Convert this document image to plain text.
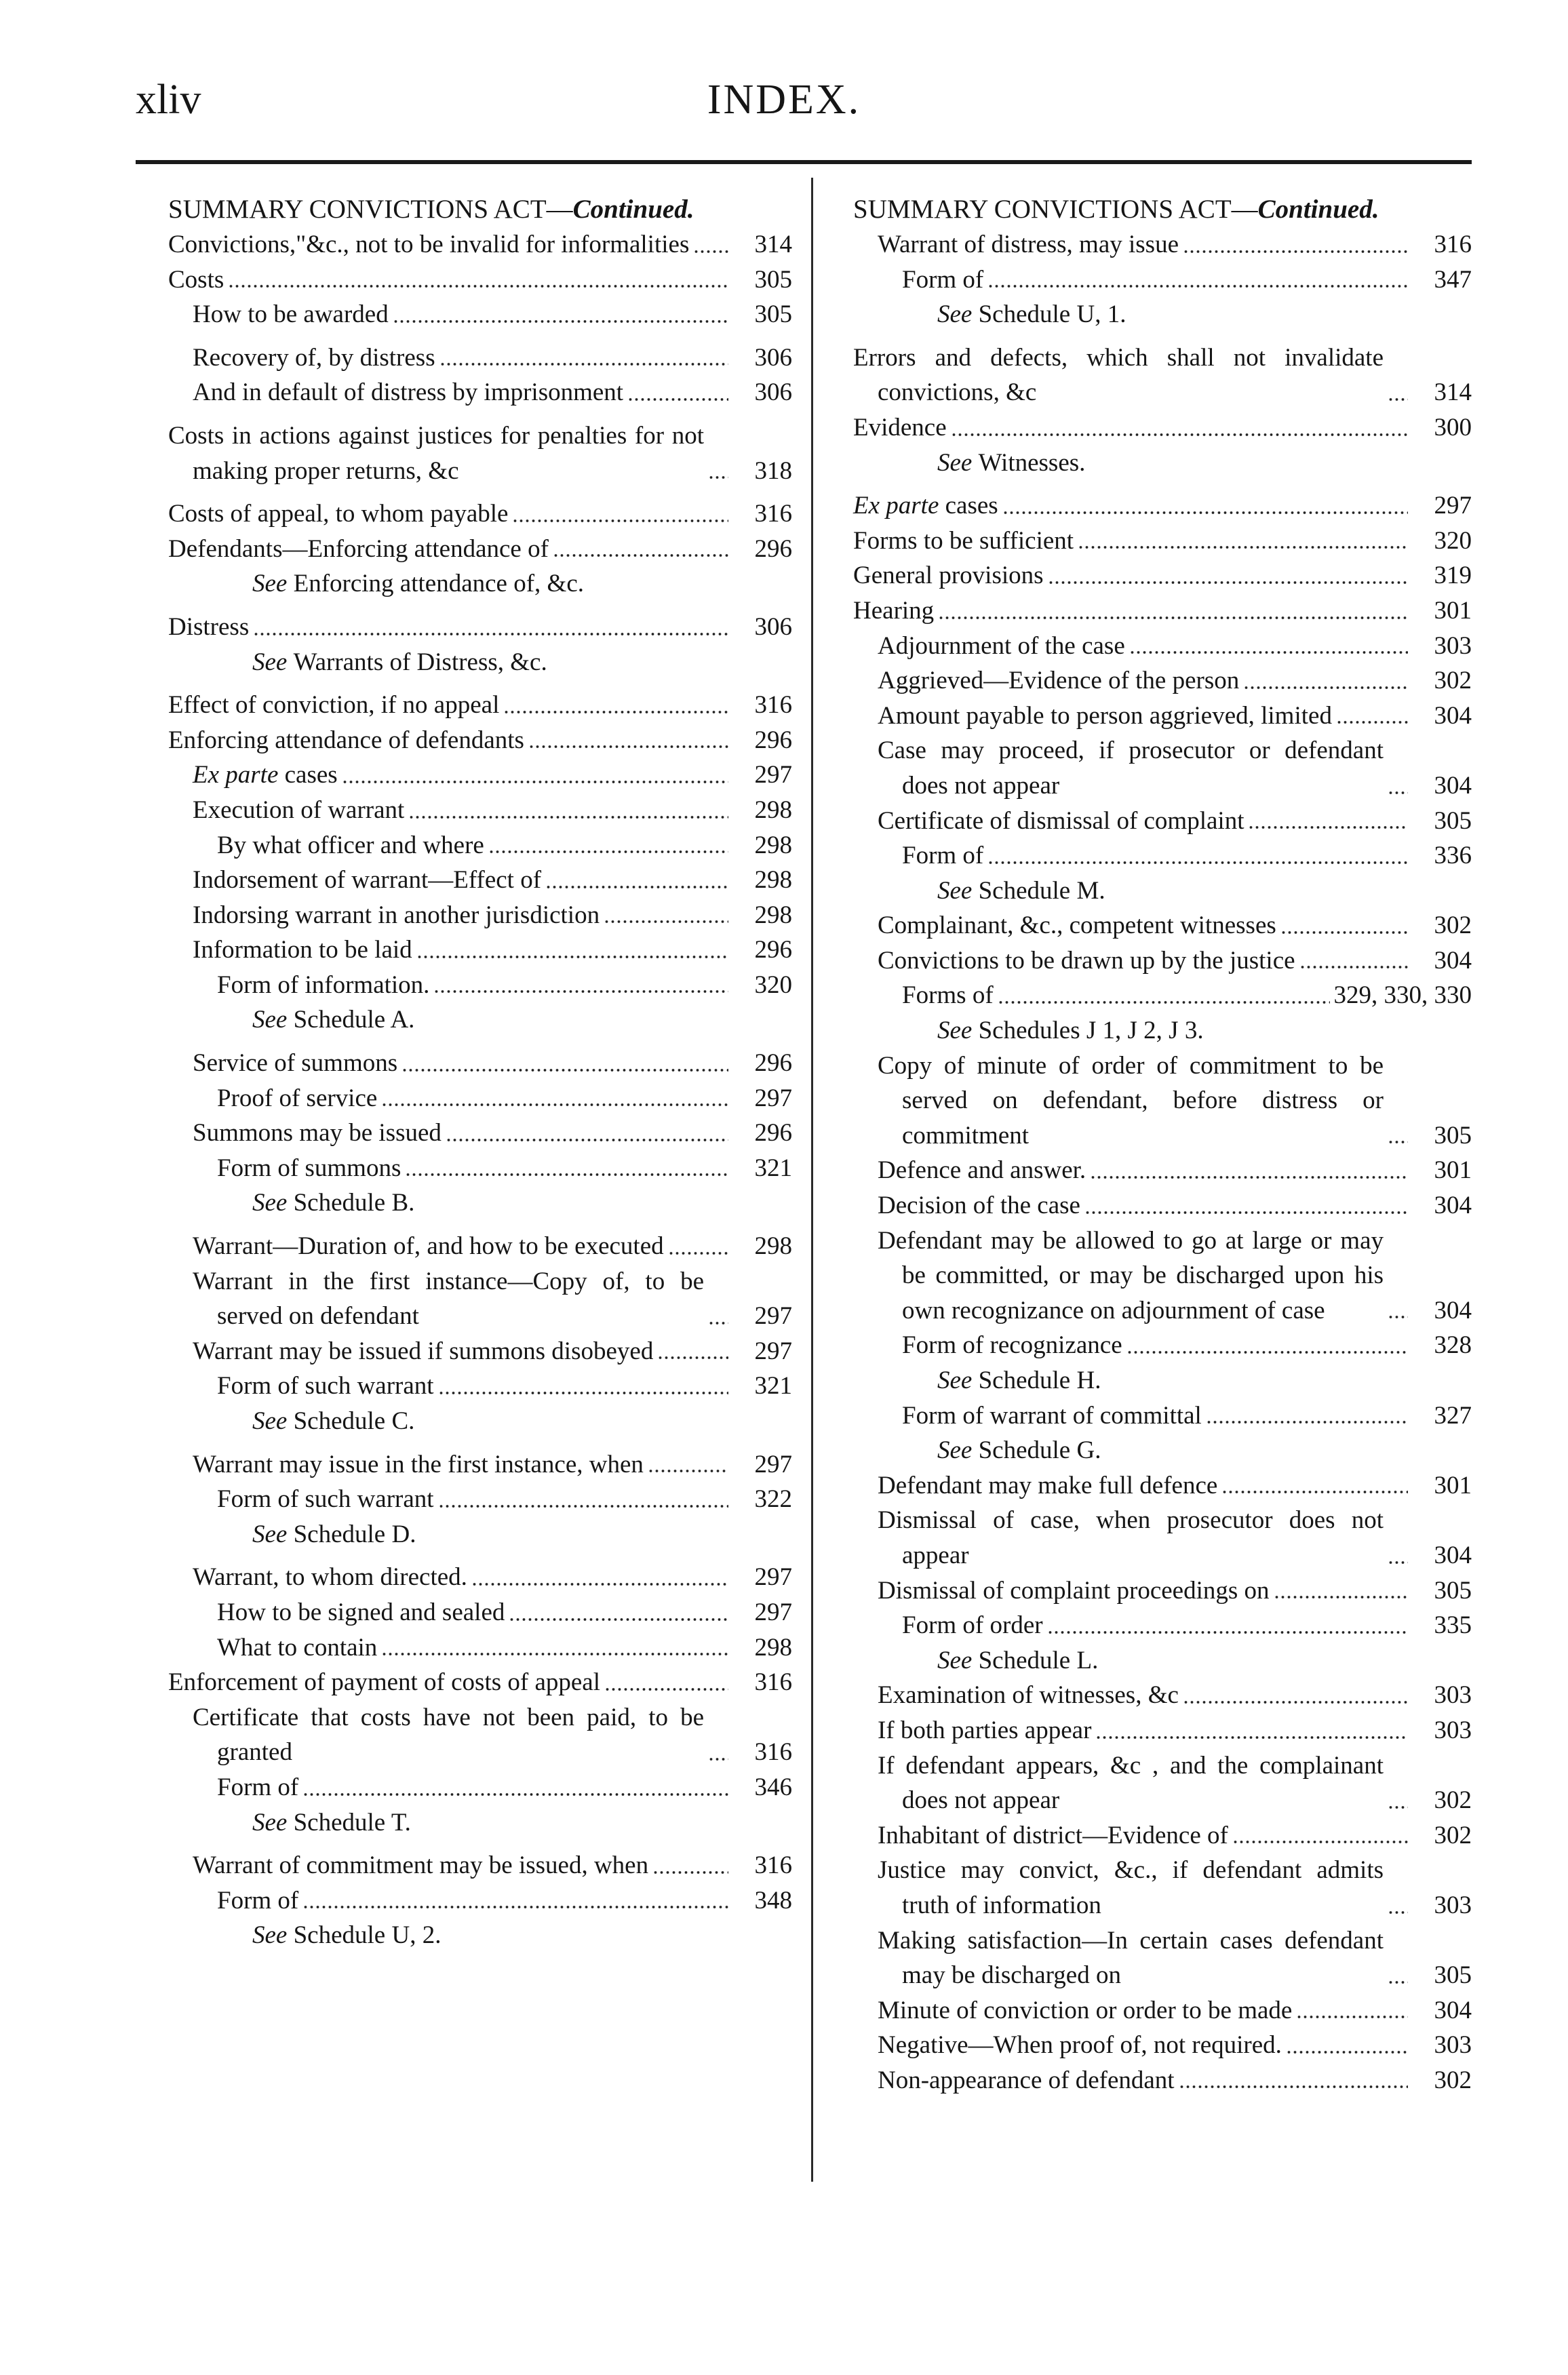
xliv	INDEX.
SUMMARY CONVICTIONS ACT—Continued.
Convictions,"&c., not to be invalid for informalities	314
Costs	305
How to be awarded	305
Recovery of, by distress	306
And in default of distress by imprisonment	306
Costs in actions against justices for penalties for not making proper returns, &c	318
Costs of appeal, to whom payable	316
Defendants—Enforcing attendance of	296
See Enforcing attendance of, &c.
Distress	306
See Warrants of Distress, &c.
Effect of conviction, if no appeal	316
Enforcing attendance of defendants	296
Ex parte cases	297
Execution of warrant	298
By what officer and where	298
Indorsement of warrant—Effect of	298
Indorsing warrant in another jurisdiction	298
Information to be laid	296
Form of information.	320
See Schedule A.
Service of summons	296
Proof of service	297
Summons may be issued	296
Form of summons	321
See Schedule B.
Warrant—Duration of, and how to be executed	298
Warrant in the first instance—Copy of, to be served on defendant	297
Warrant may be issued if summons disobeyed	297
Form of such warrant	321
See Schedule C.
Warrant may issue in the first instance, when	297
Form of such warrant	322
See Schedule D.
Warrant, to whom directed.	297
How to be signed and sealed	297
What to contain	298
Enforcement of payment of costs of appeal	316
Certificate that costs have not been paid, to be granted	316
Form of	346
See Schedule T.
Warrant of commitment may be issued, when	316
Form of	348
See Schedule U, 2.
SUMMARY CONVICTIONS ACT—Continued.
Warrant of distress, may issue	316
Form of	347
See Schedule U, 1.
Errors and defects, which shall not invalidate convictions, &c	314
Evidence	300
See Witnesses.
Ex parte cases	297
Forms to be sufficient	320
General provisions	319
Hearing	301
Adjournment of the case	303
Aggrieved—Evidence of the person	302
Amount payable to person aggrieved, limited	304
Case may proceed, if prosecutor or defendant does not appear	304
Certificate of dismissal of complaint	305
Form of	336
See Schedule M.
Complainant, &c., competent witnesses	302
Convictions to be drawn up by the justice	304
Forms of	329, 330, 330
See Schedules J 1, J 2, J 3.
Copy of minute of order of commitment to be served on defendant, before distress or commitment	305
Defence and answer.	301
Decision of the case	304
Defendant may be allowed to go at large or may be committed, or may be discharged upon his own recognizance on adjournment of case	304
Form of recognizance	328
See Schedule H.
Form of warrant of committal	327
See Schedule G.
Defendant may make full defence	301
Dismissal of case, when prosecutor does not appear	304
Dismissal of complaint proceedings on	305
Form of order	335
See Schedule L.
Examination of witnesses, &c	303
If both parties appear	303
If defendant appears, &c , and the complainant does not appear	302
Inhabitant of district—Evidence of	302
Justice may convict, &c., if defendant admits truth of information	303
Making satisfaction—In certain cases defendant may be discharged on	305
Minute of conviction or order to be made	304
Negative—When proof of, not required.	303
Non-appearance of defendant	302
